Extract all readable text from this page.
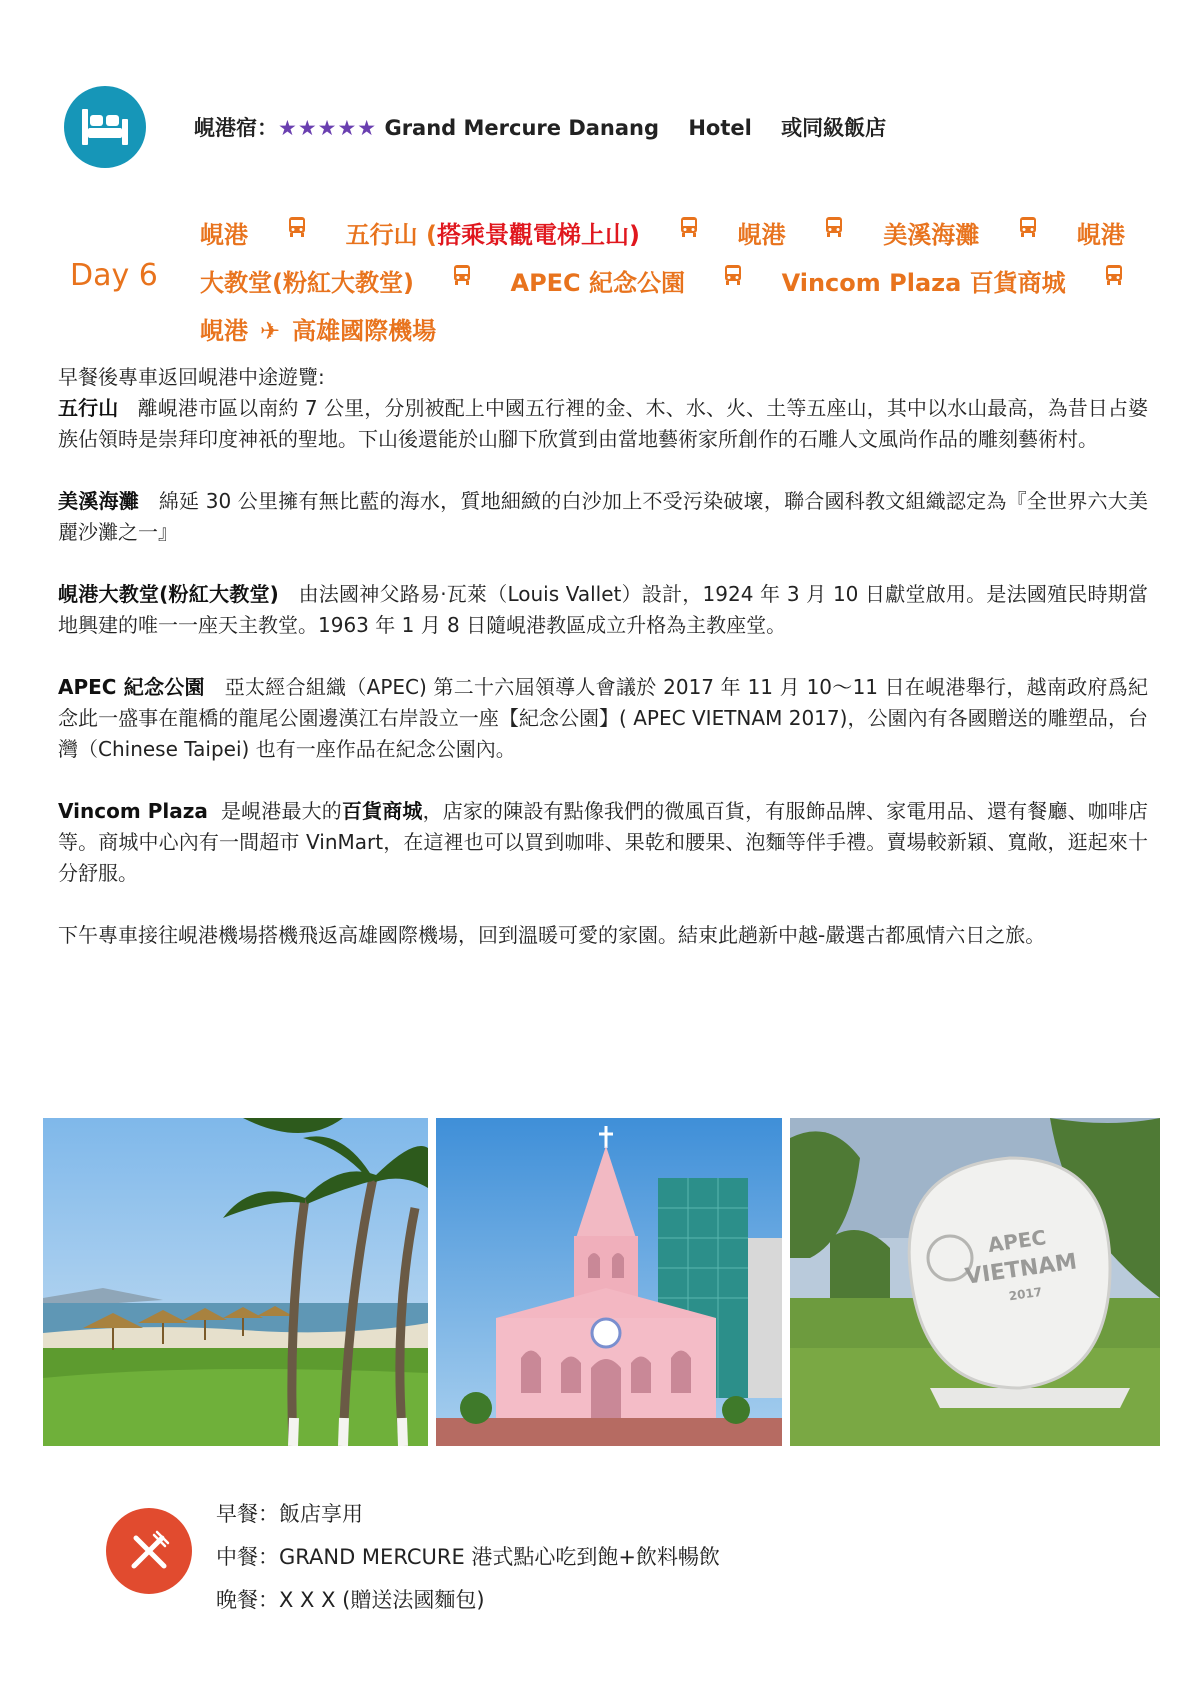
峴港宿：★★★★★ Grand Mercure Danang Hotel 或同級飯店
Day 6
峴港	五行山 (搭乘景觀電梯上山)	峴港	美溪海灘	峴港
大教堂(粉紅大教堂)	APEC 紀念公園	Vincom Plaza 百貨商城
峴港 ✈ 高雄國際機場

早餐後專車返回峴港中途遊覽:

五行山 離峴港市區以南約 7 公里，分別被配上中國五行裡的金、木、水、火、土等五座山，其中以水山最高，為昔日占婆族佔領時是崇拜印度神祇的聖地。下山後還能於山腳下欣賞到由當地藝術家所創作的石雕人文風尚作品的雕刻藝術村。

美溪海灘 綿延 30 公里擁有無比藍的海水，質地細緻的白沙加上不受污染破壞，聯合國科教文組織認定為『全世界六大美麗沙灘之一』

峴港大教堂(粉紅大教堂) 由法國神父路易·瓦萊（Louis Vallet）設計，1924 年 3 月 10 日獻堂啟用。是法國殖民時期當地興建的唯一一座天主教堂。1963 年 1 月 8 日隨峴港教區成立升格為主教座堂。

APEC 紀念公園 亞太經合組織（APEC) 第二十六屆領導人會議於 2017 年 11 月 10～11 日在峴港舉行，越南政府爲紀念此一盛事在龍橋的龍尾公園邊漢江右岸設立一座【紀念公園】( APEC VIETNAM 2017)，公園內有各國贈送的雕塑品，台灣（Chinese Taipei) 也有一座作品在紀念公園內。

Vincom Plaza 是峴港最大的百貨商城，店家的陳設有點像我們的微風百貨，有服飾品牌、家電用品、還有餐廳、咖啡店等。商城中心內有一間超市 VinMart，在這裡也可以買到咖啡、果乾和腰果、泡麵等伴手禮。賣場較新穎、寬敞，逛起來十分舒服。

下午專車接往峴港機場搭機飛返高雄國際機場，回到溫暖可愛的家園。結束此趟新中越-嚴選古都風情六日之旅。

APEC
VIETNAM
2017
早餐：飯店享用
中餐：GRAND MERCURE 港式點心吃到飽+飲料暢飲
晚餐：X X X (贈送法國麵包)
